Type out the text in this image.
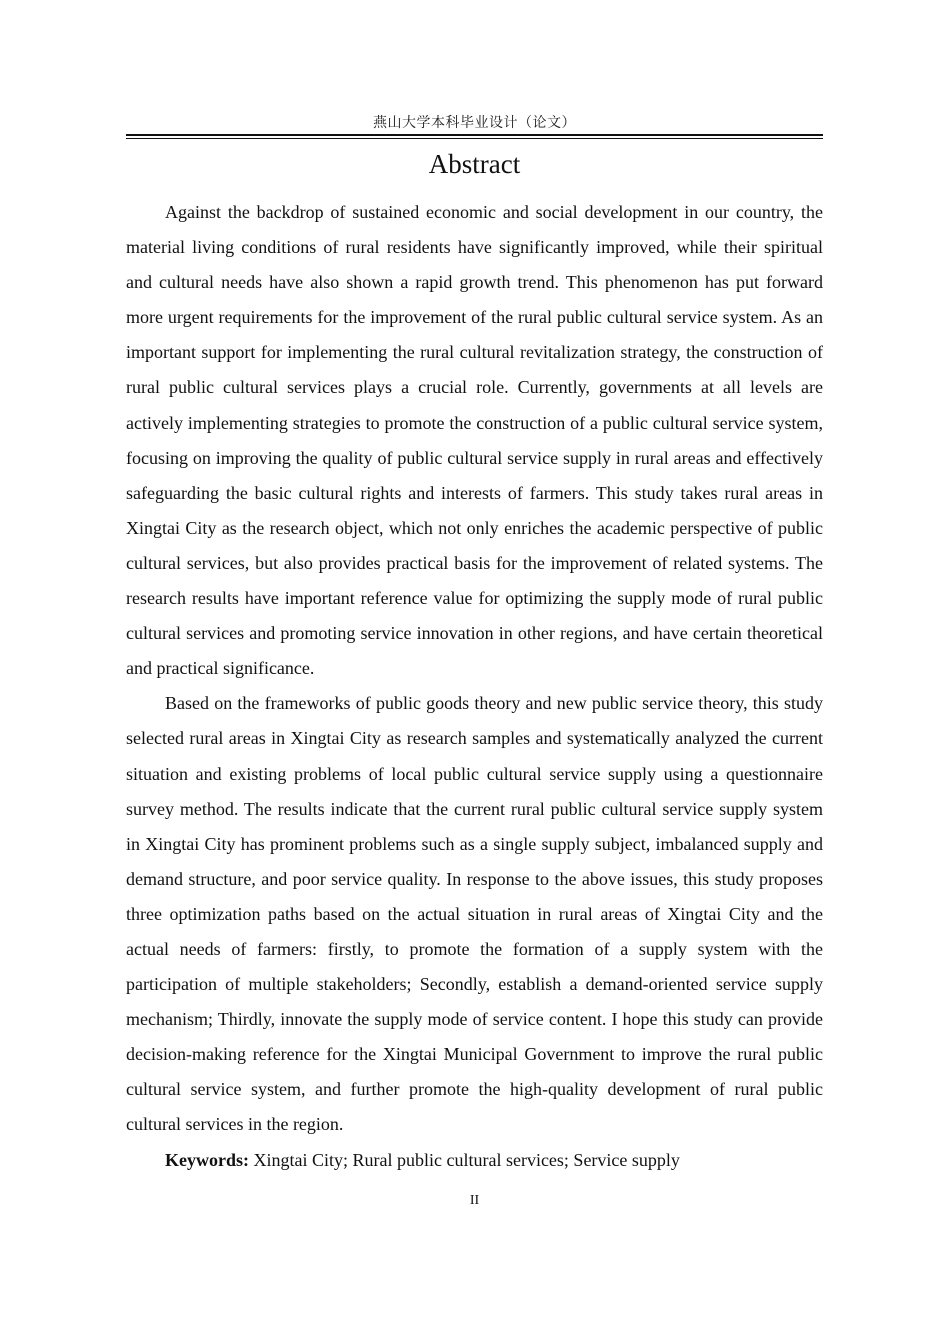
燕山大学本科毕业设计（论文）
Abstract

Against the backdrop of sustained economic and social development in our country, the material living conditions of rural residents have significantly improved, while their spiritual and cultural needs have also shown a rapid growth trend. This phenomenon has put forward more urgent requirements for the improvement of the rural public cultural service system. As an important support for implementing the rural cultural revitalization strategy, the construction of rural public cultural services plays a crucial role. Currently, governments at all levels are actively implementing strategies to promote the construction of a public cultural service system, focusing on improving the quality of public cultural service supply in rural areas and effectively safeguarding the basic cultural rights and interests of farmers. This study takes rural areas in Xingtai City as the research object, which not only enriches the academic perspective of public cultural services, but also provides practical basis for the improvement of related systems. The research results have important reference value for optimizing the supply mode of rural public cultural services and promoting service innovation in other regions, and have certain theoretical and practical significance.

Based on the frameworks of public goods theory and new public service theory, this study selected rural areas in Xingtai City as research samples and systematically analyzed the current situation and existing problems of local public cultural service supply using a questionnaire survey method. The results indicate that the current rural public cultural service supply system in Xingtai City has prominent problems such as a single supply subject, imbalanced supply and demand structure, and poor service quality. In response to the above issues, this study proposes three optimization paths based on the actual situation in rural areas of Xingtai City and the actual needs of farmers: firstly, to promote the formation of a supply system with the participation of multiple stakeholders; Secondly, establish a demand-oriented service supply mechanism; Thirdly, innovate the supply mode of service content. I hope this study can provide decision-making reference for the Xingtai Municipal Government to improve the rural public cultural service system, and further promote the high-quality development of rural public cultural services in the region.

Keywords: Xingtai City; Rural public cultural services; Service supply

II
